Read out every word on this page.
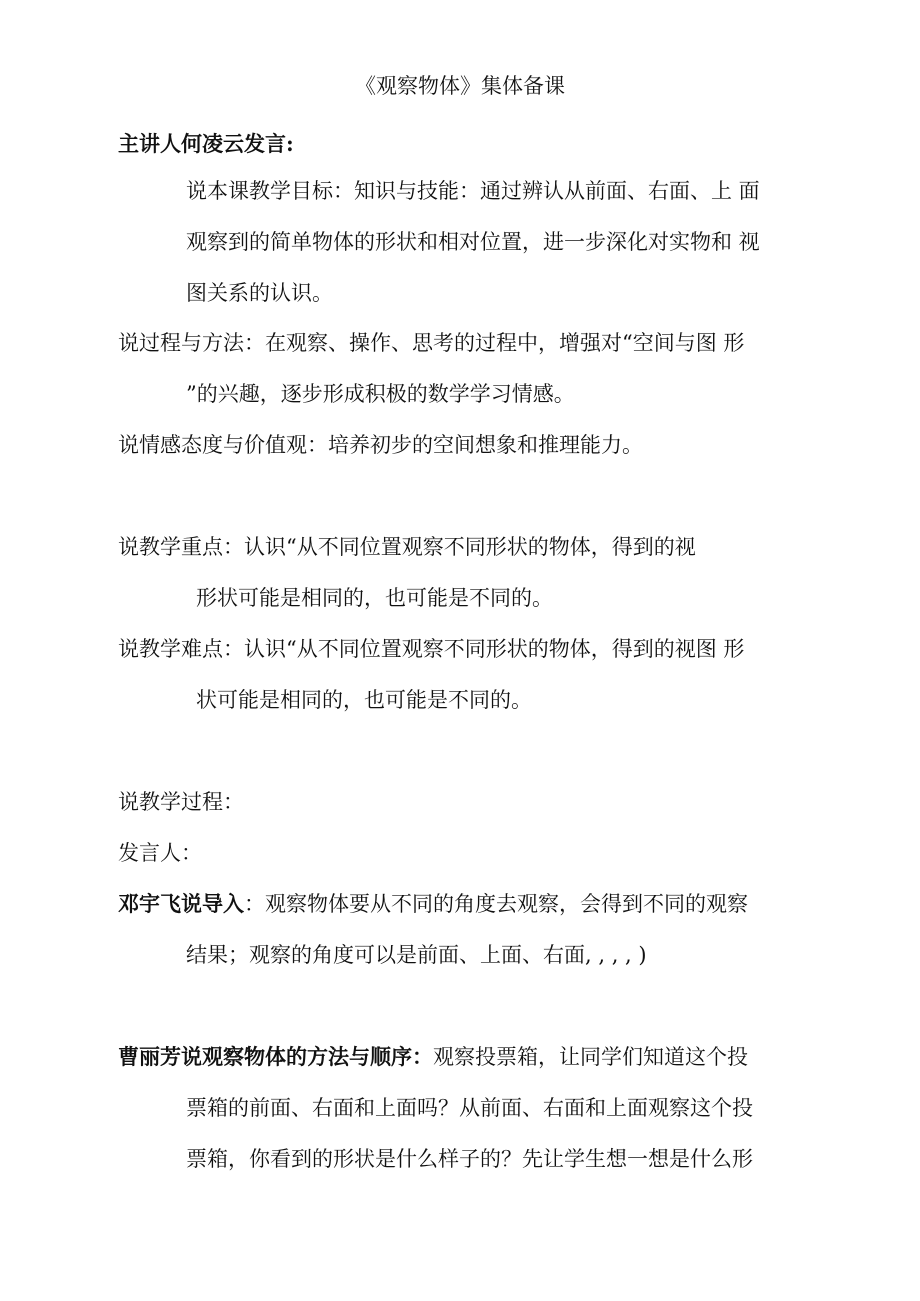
《观察物体》集体备课
主讲人何凌云发言:
说本课教学目标：知识与技能：通过辨认从前面、右面、上 面
观察到的简单物体的形状和相对位置，进一步深化对实物和 视
图关系的认识。
说过程与方法：在观察、操作、思考的过程中，增强对“空间与图 形
”的兴趣，逐步形成积极的数学学习情感。
说情感态度与价值观：培养初步的空间想象和推理能力。
说教学重点：认识“从不同位置观察不同形状的物体，得到的视
形状可能是相同的，也可能是不同的。
说教学难点：认识“从不同位置观察不同形状的物体，得到的视图 形
状可能是相同的，也可能是不同的。
说教学过程：
发言人：
邓宇飞说导入：观察物体要从不同的角度去观察，会得到不同的观察
结果；观察的角度可以是前面、上面、右面, , , , )
曹丽芳说观察物体的方法与顺序：观察投票箱，让同学们知道这个投
票箱的前面、右面和上面吗？从前面、右面和上面观察这个投
票箱，你看到的形状是什么样子的？先让学生想一想是什么形
